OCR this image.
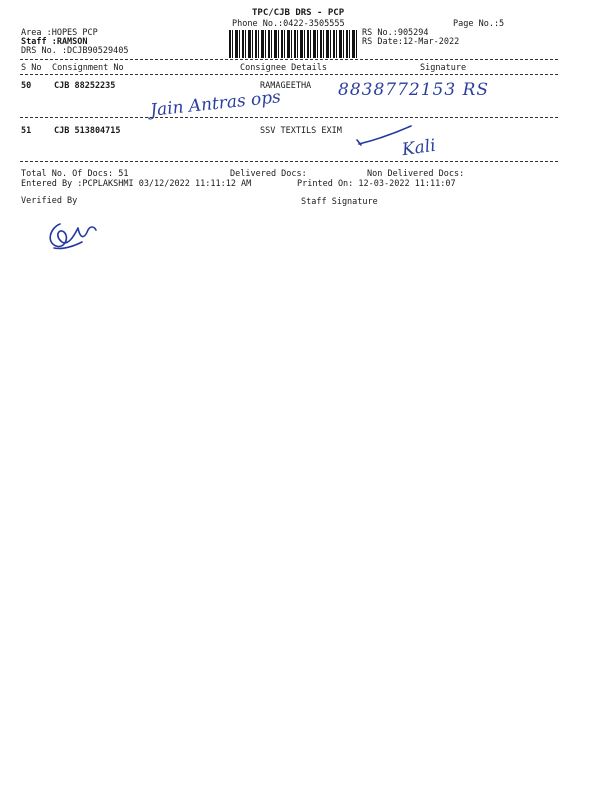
TPC/CJB DRS - PCP
Phone No.:0422-3505555	Page No.:5
Area :HOPES PCP
Staff :RAMSON
DRS No. :DCJB90529405
RS No.:905294
RS Date:12-Mar-2022
S No Consignment No	Consignee Details	Signature
50	CJB 88252235	RAMAGEETHA
Jain Antras ops	8838772153 RS
51	CJB 513804715	SSV TEXTILS EXIM
Kali
Total No. Of Docs: 51	Delivered Docs:	Non Delivered Docs:
Entered By :PCPLAKSHMI 03/12/2022 11:11:12 AM	Printed On: 12-03-2022 11:11:07
Verified By	Staff Signature
